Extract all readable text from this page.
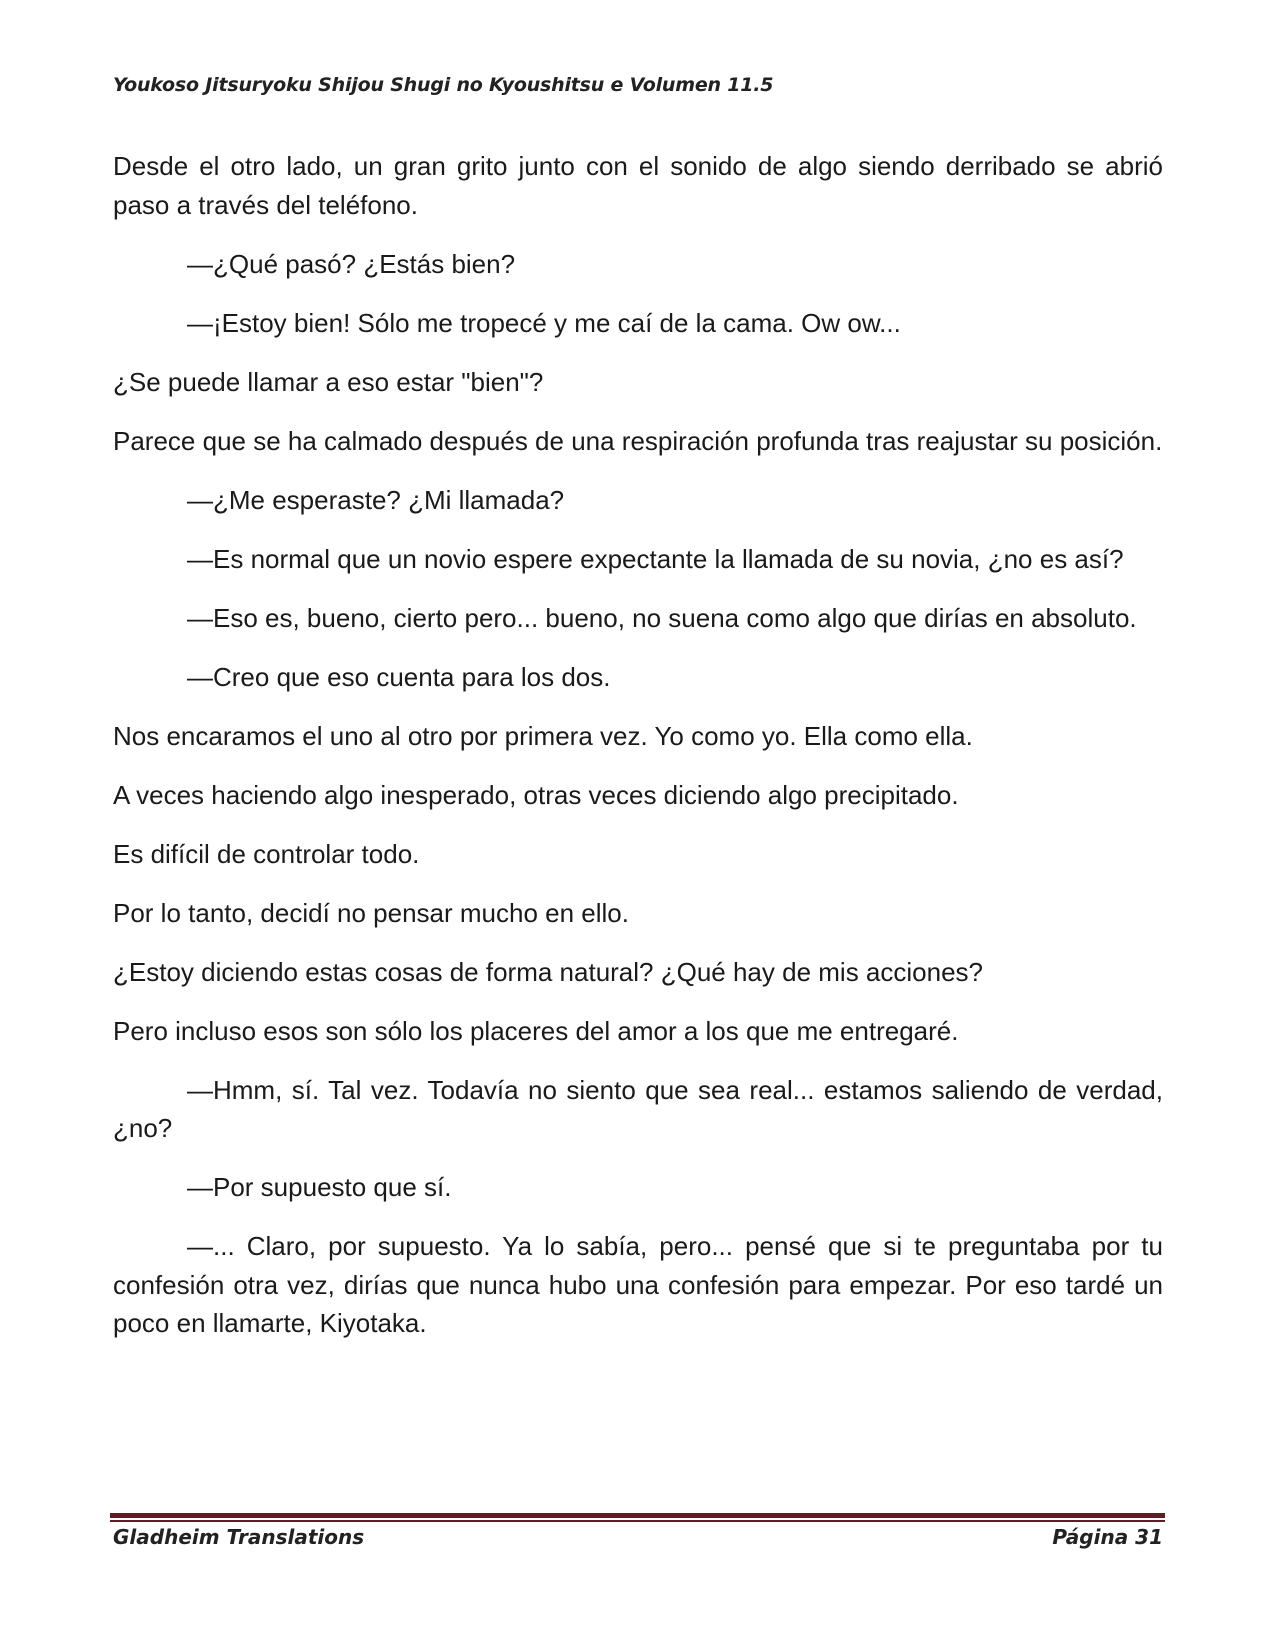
Youkoso Jitsuryoku Shijou Shugi no Kyoushitsu e Volumen 11.5

Desde el otro lado, un gran grito junto con el sonido de algo siendo derribado se abrió paso a través del teléfono.

—¿Qué pasó? ¿Estás bien?

—¡Estoy bien! Sólo me tropecé y me caí de la cama. Ow ow...

¿Se puede llamar a eso estar "bien"?

Parece que se ha calmado después de una respiración profunda tras reajustar su posición.

—¿Me esperaste? ¿Mi llamada?

—Es normal que un novio espere expectante la llamada de su novia, ¿no es así?

—Eso es, bueno, cierto pero... bueno, no suena como algo que dirías en absoluto.

—Creo que eso cuenta para los dos.

Nos encaramos el uno al otro por primera vez. Yo como yo. Ella como ella.

A veces haciendo algo inesperado, otras veces diciendo algo precipitado.

Es difícil de controlar todo.

Por lo tanto, decidí no pensar mucho en ello.

¿Estoy diciendo estas cosas de forma natural? ¿Qué hay de mis acciones?

Pero incluso esos son sólo los placeres del amor a los que me entregaré.

—Hmm, sí. Tal vez. Todavía no siento que sea real... estamos saliendo de verdad, ¿no?

—Por supuesto que sí.

—... Claro, por supuesto. Ya lo sabía, pero... pensé que si te preguntaba por tu confesión otra vez, dirías que nunca hubo una confesión para empezar. Por eso tardé un poco en llamarte, Kiyotaka.

Gladheim Translations	Página 31
